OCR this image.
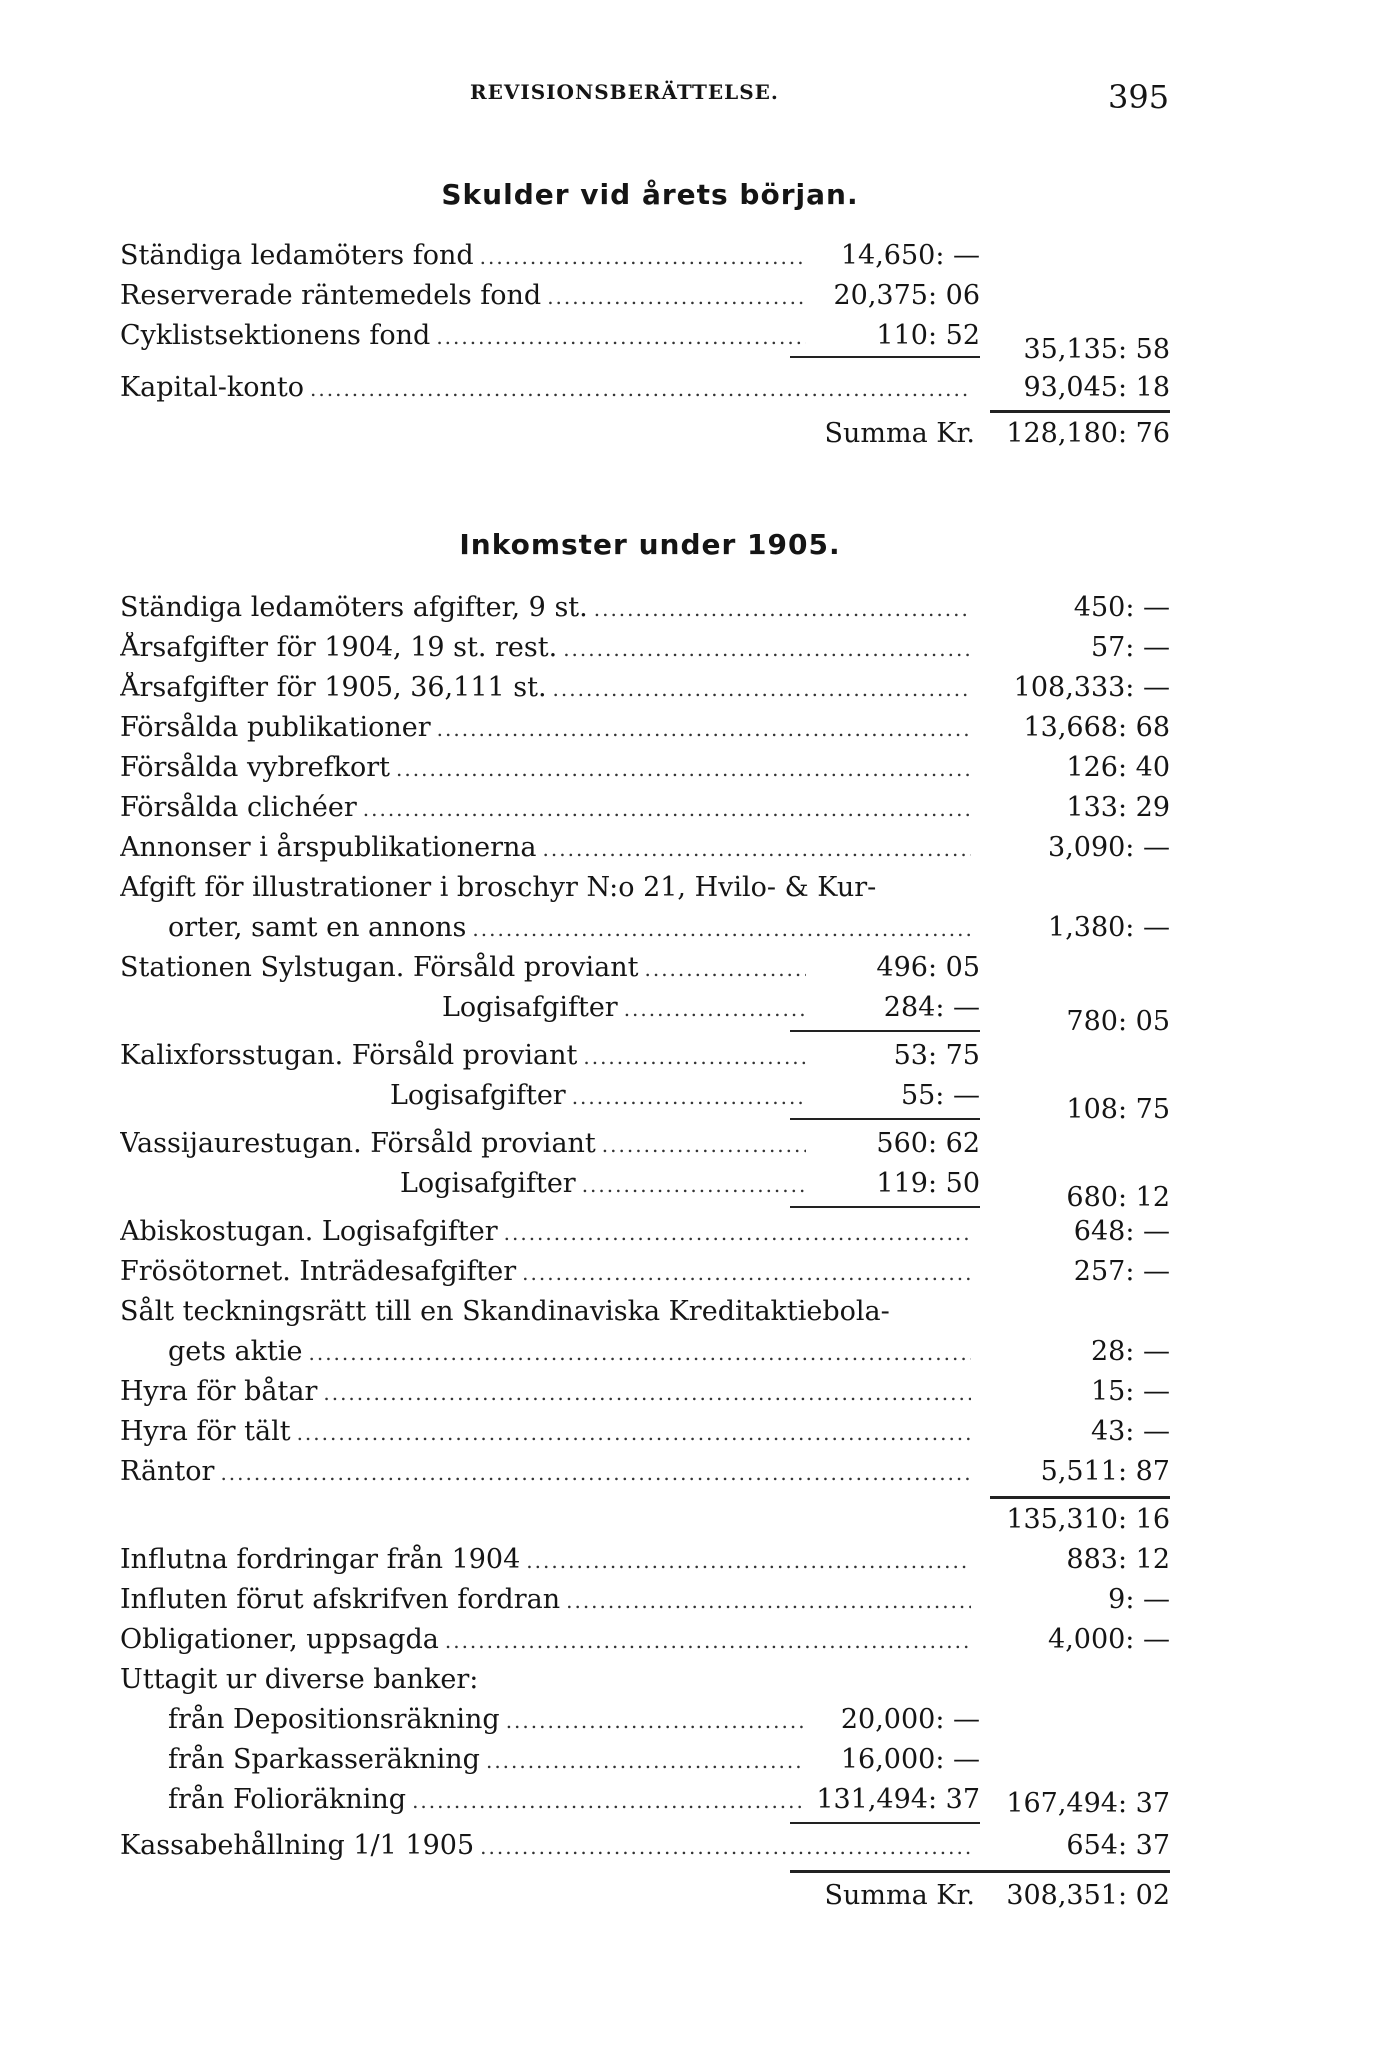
REVISIONSBERÄTTELSE.	395
Skulder vid årets början.
Ständiga ledamöters fond .....	14,650: —
Reserverade räntemedels fond .....	20,375: 06
Cyklistsektionens fond .....	110: 52	35,135: 58
Kapital-konto .....	93,045: 18
Summa Kr.	128,180: 76
Inkomster under 1905.
Ständiga ledamöters afgifter, 9 st. .....	450: —
Årsafgifter för 1904, 19 st. rest. .....	57: —
Årsafgifter för 1905, 36,111 st. .....	108,333: —
Försålda publikationer .....	13,668: 68
Försålda vybrefkort .....	126: 40
Försålda clichéer .....	133: 29
Annonser i årspublikationerna .....	3,090: —
Afgift för illustrationer i broschyr N:o 21, Hvilo- & Kur-
orter, samt en annons .....	1,380: —
Stationen Sylstugan. Försåld proviant .....	496: 05
Logisafgifter .....	284: —	780: 05
Kalixforsstugan. Försåld proviant .....	53: 75
Logisafgifter .....	55: —	108: 75
Vassijaurestugan. Försåld proviant .....	560: 62
Logisafgifter .....	119: 50	680: 12
Abiskostugan. Logisafgifter .....	648: —
Frösötornet. Inträdesafgifter .....	257: —
Sålt teckningsrätt till en Skandinaviska Kreditaktiebola-
gets aktie .....	28: —
Hyra för båtar .....	15: —
Hyra för tält .....	43: —
Räntor .....	5,511: 87
135,310: 16
Influtna fordringar från 1904 .....	883: 12
Influten förut afskrifven fordran .....	9: —
Obligationer, uppsagda .....	4,000: —
Uttagit ur diverse banker:
från Depositionsräkning .....	20,000: —
från Sparkasseräkning .....	16,000: —
från Folioräkning .....	131,494: 37 167,494: 37
Kassabehållning 1/1 1905 .....	654: 37
Summa Kr.	308,351: 02
